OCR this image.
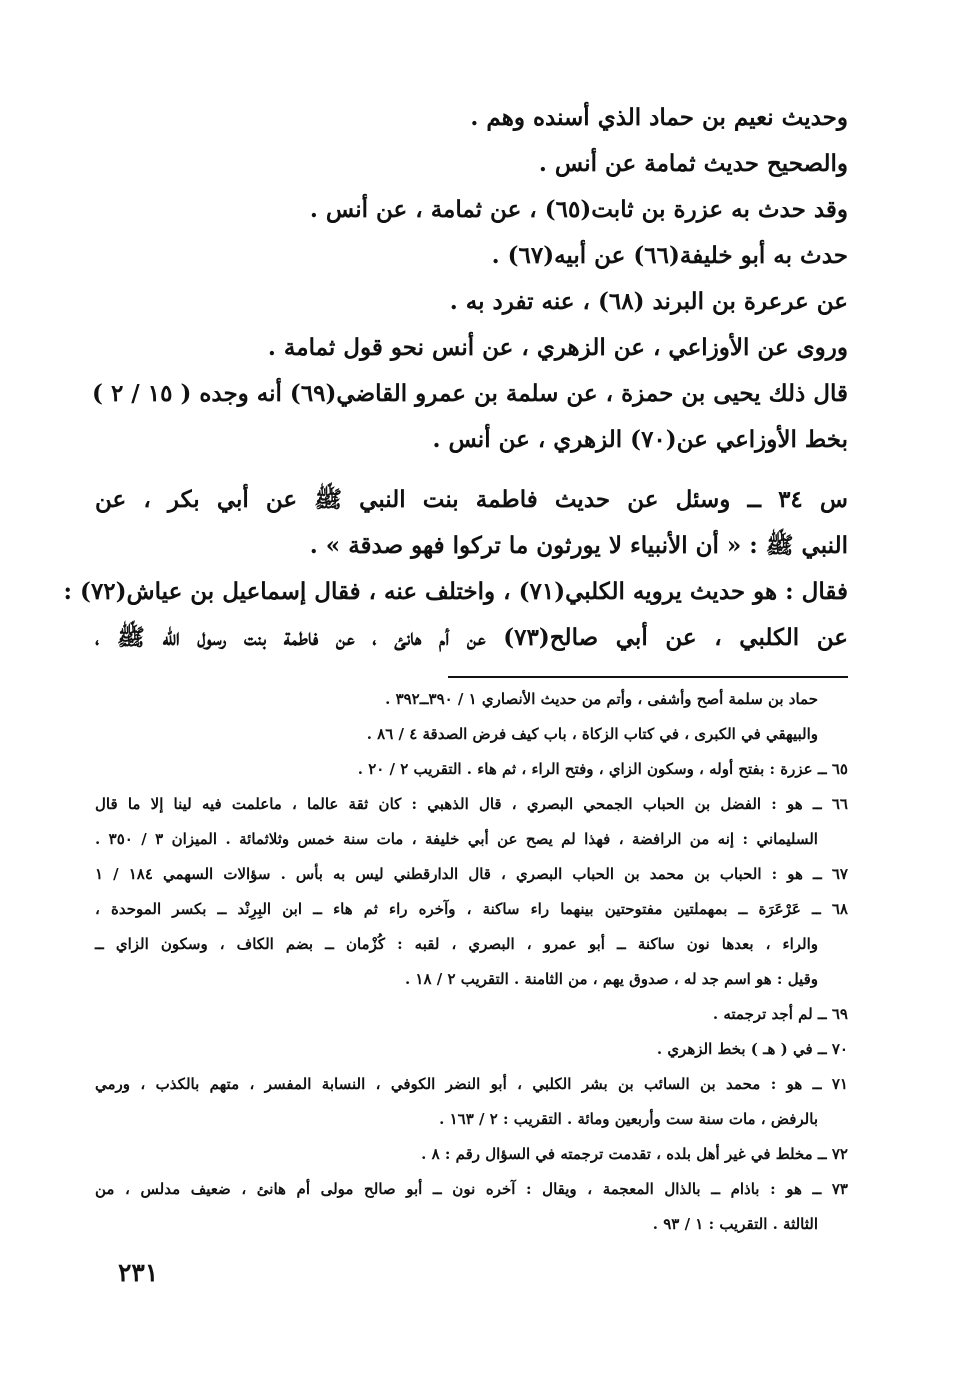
وحديث نعيم بن حماد الذي أسنده وهم .

والصحيح حديث ثمامة عن أنس .

وقد حدث به عزرة بن ثابت(٦٥) ، عن ثمامة ، عن أنس .

حدث به أبو خليفة(٦٦) عن أبيه(٦٧) .

عن عرعرة بن البرند (٦٨) ، عنه تفرد به .

وروى عن الأوزاعي ، عن الزهري ، عن أنس نحو قول ثمامة .

قال ذلك يحيى بن حمزة ، عن سلمة بن عمرو القاضي(٦٩) أنه وجده ( ١٥ / ٢ )

بخط الأوزاعي عن(٧٠) الزهري ، عن أنس .

س ٣٤ ــ وسئل عن حديث فاطمة بنت النبي ﷺ عن أبي بكر ، عن

النبي ﷺ : « أن الأنبياء لا يورثون ما تركوا فهو صدقة » .

فقال : هو حديث يرويه الكلبي(٧١) ، واختلف عنه ، فقال إسماعيل بن عياش(٧٢) :

عن الكلبي ، عن أبي صالح(٧٣) عن أم هانئ ، عن فاطمة بنت رسول الله ﷺ ،

حماد بن سلمة أصح وأشفى ، وأتم من حديث الأنصاري ١ / ٣٩٠ــ٣٩٢ .

والبيهقي في الكبرى ، في كتاب الزكاة ، باب كيف فرض الصدقة ٤ / ٨٦ .

٦٥ ــ عزرة : بفتح أوله ، وسكون الزاي ، وفتح الراء ، ثم هاء . التقريب ٢ / ٢٠ .

٦٦ ــ هو : الفضل بن الحباب الجمحي البصري ، قال الذهبي : كان ثقة عالما ، ماعلمت فيه لينا إلا ما قال

السليماني : إنه من الرافضة ، فهذا لم يصح عن أبي خليفة ، مات سنة خمس وثلاثمائة . الميزان ٣ / ٣٥٠ .

٦٧ ــ هو : الحباب بن محمد بن الحباب البصري ، قال الدارقطني ليس به بأس . سؤالات السهمي ١٨٤ / ١

٦٨ ــ عَرْعَرَة ــ بمهملتين مفتوحتين بينهما راء ساكنة ، وآخره راء ثم هاء ــ ابن البِرِنْد ــ بكسر الموحدة ،

والراء ، بعدها نون ساكنة ــ أبو عمرو ، البصري ، لقبه : كُزْمان ــ بضم الكاف ، وسكون الزاي ــ

وقيل : هو اسم جد له ، صدوق يهم ، من الثامنة . التقريب ٢ / ١٨ .

٦٩ ــ لم أجد ترجمته .

٧٠ ــ في ( هـ ) بخط الزهري .

٧١ ــ هو : محمد بن السائب بن بشر الكلبي ، أبو النضر الكوفي ، النسابة المفسر ، متهم بالكذب ، ورمي

بالرفض ، مات سنة ست وأربعين ومائة . التقريب : ٢ / ١٦٣ .

٧٢ ــ مخلط في غير أهل بلده ، تقدمت ترجمته في السؤال رقم : ٨ .

٧٣ ــ هو : باذام ــ بالذال المعجمة ، ويقال : آخره نون ــ أبو صالح مولى أم هانئ ، ضعيف مدلس ، من

الثالثة . التقريب : ١ / ٩٣ .

٢٣١
